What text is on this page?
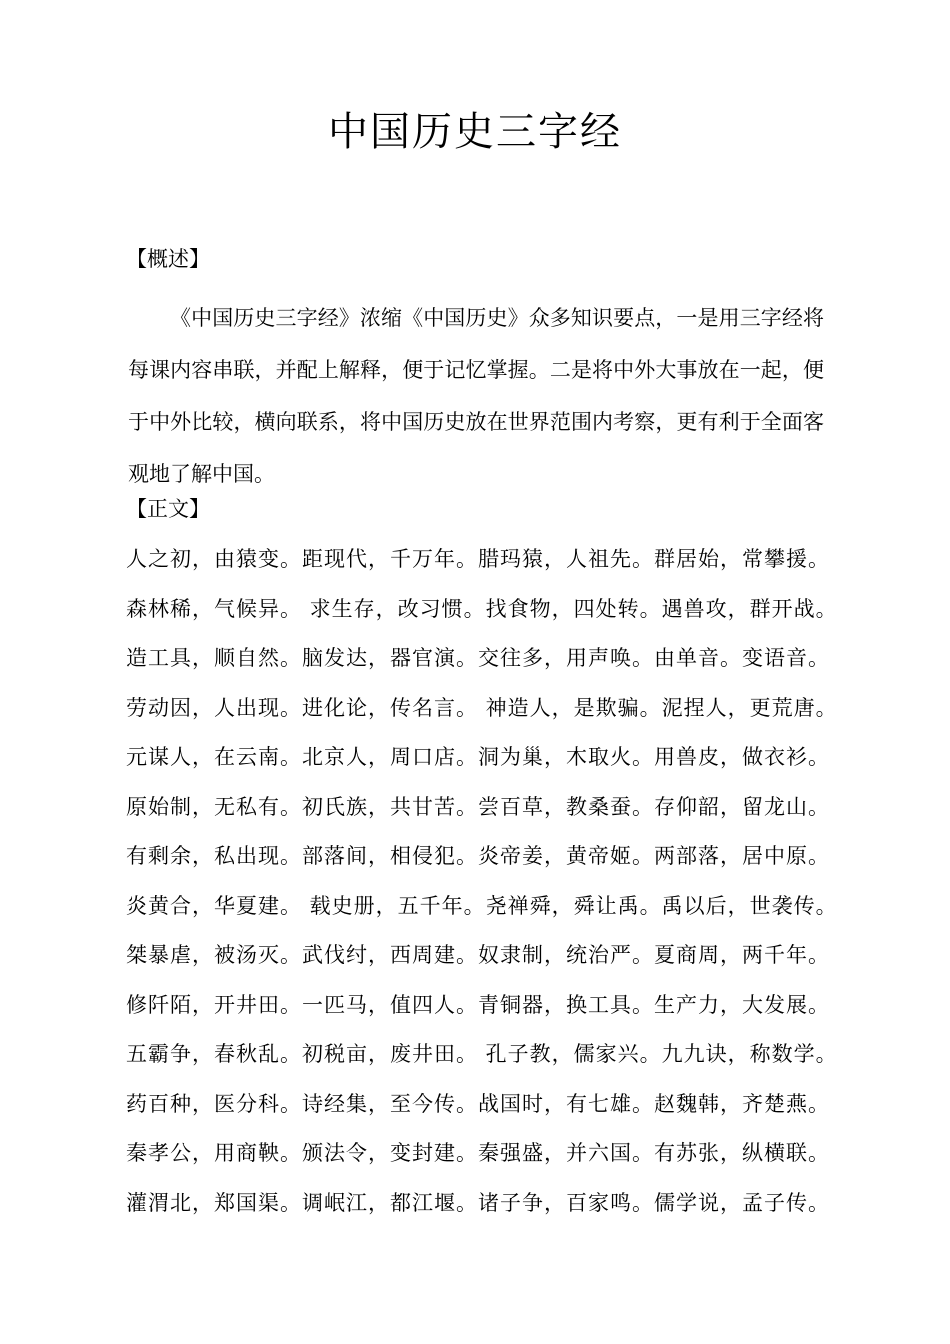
中国历史三字经
【概述】
《中国历史三字经》浓缩《中国历史》众多知识要点，一是用三字经将每课内容串联，并配上解释，便于记忆掌握。二是将中外大事放在一起，便于中外比较，横向联系，将中国历史放在世界范围内考察，更有利于全面客观地了解中国。
【正文】
人之初，由猿变。距现代，千万年。腊玛猿，人祖先。群居始，常攀援。
森林稀，气候异。 求生存，改习惯。找食物，四处转。遇兽攻，群开战。
造工具，顺自然。脑发达，器官演。交往多，用声唤。由单音。变语音。
劳动因，人出现。进化论，传名言。 神造人，是欺骗。泥捏人，更荒唐。
元谋人，在云南。北京人，周口店。洞为巢，木取火。用兽皮，做衣衫。
原始制，无私有。初氏族，共甘苦。尝百草，教桑蚕。存仰韶，留龙山。
有剩余，私出现。部落间，相侵犯。炎帝姜，黄帝姬。两部落，居中原。
炎黄合，华夏建。 载史册，五千年。尧禅舜，舜让禹。禹以后，世袭传。
桀暴虐，被汤灭。武伐纣，西周建。奴隶制，统治严。夏商周，两千年。
修阡陌，开井田。一匹马，值四人。青铜器，换工具。生产力，大发展。
五霸争，春秋乱。初税亩，废井田。 孔子教，儒家兴。九九诀，称数学。
药百种，医分科。诗经集，至今传。战国时，有七雄。赵魏韩，齐楚燕。
秦孝公，用商鞅。颁法令，变封建。秦强盛，并六国。有苏张，纵横联。
灌渭北，郑国渠。调岷江，都江堰。诸子争，百家鸣。儒学说，孟子传。
